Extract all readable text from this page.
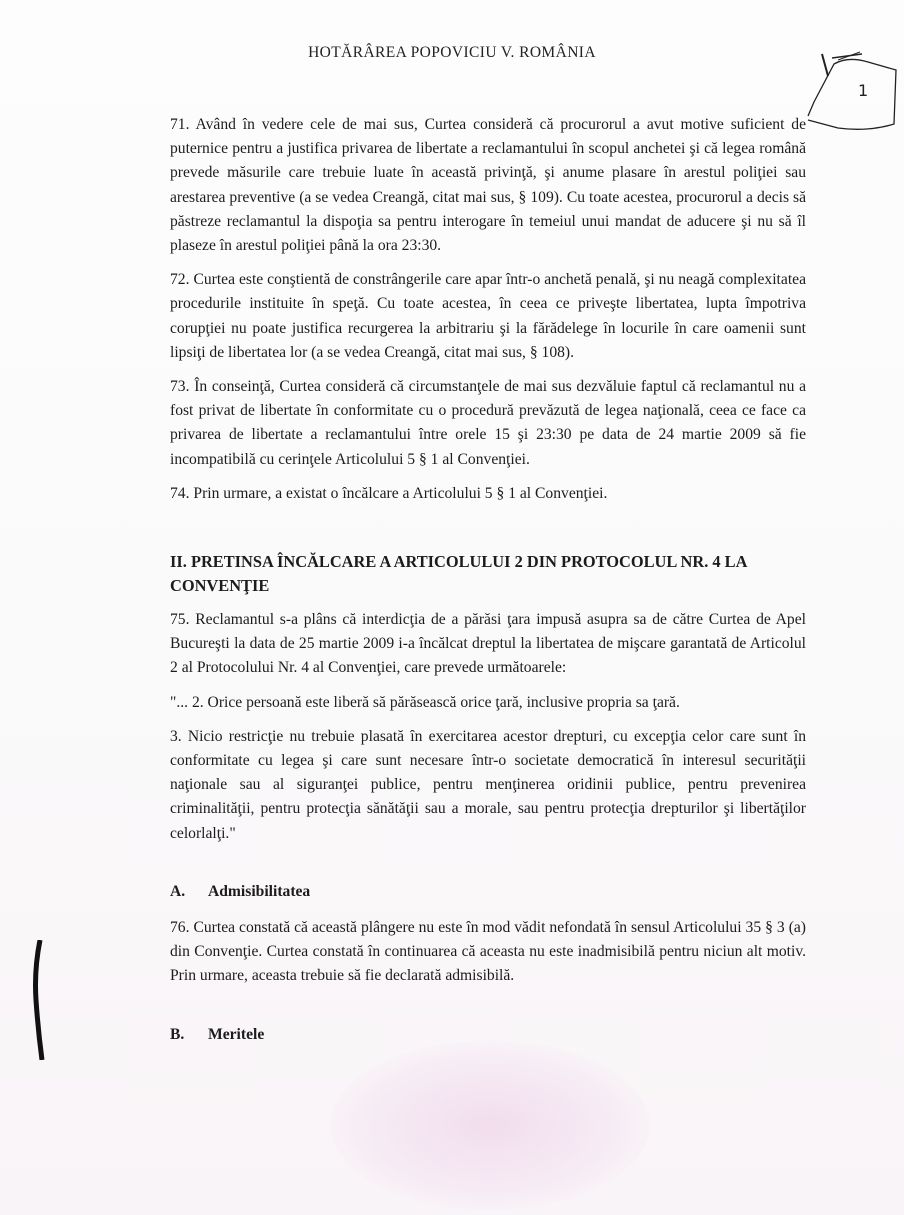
HOTĂRÂREA POPOVICIU V. ROMÂNIA
1

71. Având în vedere cele de mai sus, Curtea consideră că procurorul a avut motive suficient de puternice pentru a justifica privarea de libertate a reclamantului în scopul anchetei şi că legea română prevede măsurile care trebuie luate în această privinţă, şi anume plasare în arestul poliţiei sau arestarea preventive (a se vedea Creangă, citat mai sus, § 109). Cu toate acestea, procurorul a decis să păstreze reclamantul la dispoţia sa pentru interogare în temeiul unui mandat de aducere şi nu să îl plaseze în arestul poliţiei până la ora 23:30.

72. Curtea este conştientă de constrângerile care apar într-o anchetă penală, şi nu neagă complexitatea procedurile instituite în speţă. Cu toate acestea, în ceea ce priveşte libertatea, lupta împotriva corupţiei nu poate justifica recurgerea la arbitrariu şi la fărădelege în locurile în care oamenii sunt lipsiţi de libertatea lor (a se vedea Creangă, citat mai sus, § 108).

73. În conseinţă, Curtea consideră că circumstanţele de mai sus dezvăluie faptul că reclamantul nu a fost privat de libertate în conformitate cu o procedură prevăzută de legea naţională, ceea ce face ca privarea de libertate a reclamantului între orele 15 şi 23:30 pe data de 24 martie 2009 să fie incompatibilă cu cerinţele Articolului 5 § 1 al Convenţiei.

74. Prin urmare, a existat o încălcare a Articolului 5 § 1 al Convenţiei.

II. PRETINSA ÎNCĂLCARE A ARTICOLULUI 2 DIN PROTOCOLUL NR. 4 LA CONVENŢIE

75. Reclamantul s-a plâns că interdicţia de a părăsi ţara impusă asupra sa de către Curtea de Apel Bucureşti la data de 25 martie 2009 i-a încălcat dreptul la libertatea de mişcare garantată de Articolul 2 al Protocolului Nr. 4 al Convenţiei, care prevede următoarele:

"... 2. Orice persoană este liberă să părăsească orice ţară, inclusive propria sa ţară.

3. Nicio restricţie nu trebuie plasată în exercitarea acestor drepturi, cu excepţia celor care sunt în conformitate cu legea şi care sunt necesare într-o societate democratică în interesul securităţii naţionale sau al siguranţei publice, pentru menţinerea oridinii publice, pentru prevenirea criminalităţii, pentru protecţia sănătăţii sau a morale, sau pentru protecţia drepturilor şi libertăţilor celorlalţi."

A. Admisibilitatea

76. Curtea constată că această plângere nu este în mod vădit nefondată în sensul Articolului 35 § 3 (a) din Convenţie. Curtea constată în continuarea că aceasta nu este inadmisibilă pentru niciun alt motiv. Prin urmare, aceasta trebuie să fie declarată admisibilă.

B. Meritele
